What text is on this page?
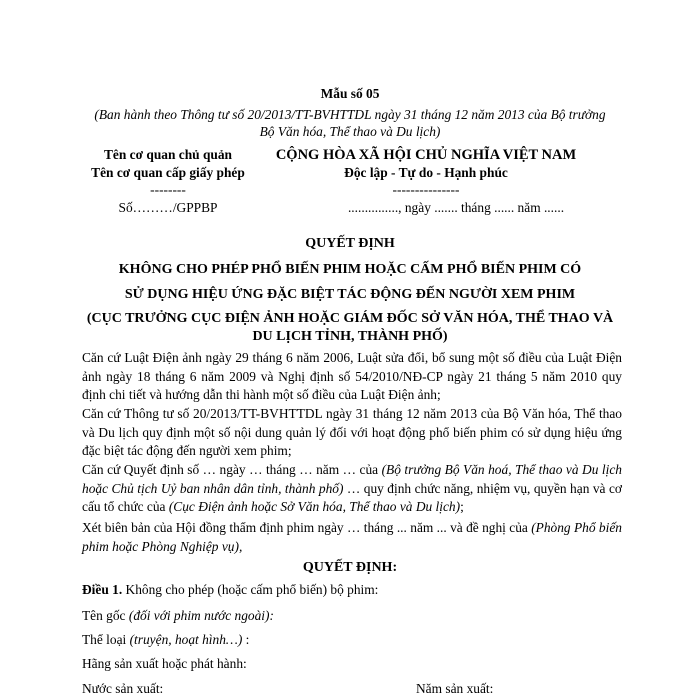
Mẫu số 05
(Ban hành theo Thông tư số 20/2013/TT-BVHTTDL ngày 31 tháng 12 năm 2013 của Bộ trưởng
Bộ Văn hóa, Thể thao và Du lịch)
Tên cơ quan chủ quản
Tên cơ quan cấp giấy phép
--------
Số………/GPPBP
CỘNG HÒA XÃ HỘI CHỦ NGHĨA VIỆT NAM
Độc lập - Tự do - Hạnh phúc
---------------
..............., ngày ....... tháng ...... năm ......
QUYẾT ĐỊNH
KHÔNG CHO PHÉP PHỔ BIẾN PHIM HOẶC CẤM PHỔ BIẾN PHIM CÓ
SỬ DỤNG HIỆU ỨNG ĐẶC BIỆT TÁC ĐỘNG ĐẾN NGƯỜI XEM PHIM
(CỤC TRƯỞNG CỤC ĐIỆN ẢNH HOẶC GIÁM ĐỐC SỞ VĂN HÓA, THỂ THAO VÀ
DU LỊCH TỈNH, THÀNH PHỐ)
Căn cứ Luật Điện ảnh ngày 29 tháng 6 năm 2006, Luật sửa đổi, bổ sung một số điều của Luật Điện ảnh ngày 18 tháng 6 năm 2009 và Nghị định số 54/2010/NĐ-CP ngày 21 tháng 5 năm 2010 quy định chi tiết và hướng dẫn thi hành một số điều của Luật Điện ảnh;
Căn cứ Thông tư số 20/2013/TT-BVHTTDL ngày 31 tháng 12 năm 2013 của Bộ Văn hóa, Thể thao và Du lịch quy định một số nội dung quản lý đối với hoạt động phổ biến phim có sử dụng hiệu ứng đặc biệt tác động đến người xem phim;
Căn cứ Quyết định số … ngày … tháng … năm … của (Bộ trưởng Bộ Văn hoá, Thể thao và Du lịch hoặc Chủ tịch Uỷ ban nhân dân tỉnh, thành phố) … quy định chức năng, nhiệm vụ, quyền hạn và cơ cấu tổ chức của (Cục Điện ảnh hoặc Sở Văn hóa, Thể thao và Du lịch);
Xét biên bản của Hội đồng thẩm định phim ngày … tháng ... năm ... và đề nghị của (Phòng Phổ biến phim hoặc Phòng Nghiệp vụ),
QUYẾT ĐỊNH:
Điều 1. Không cho phép (hoặc cấm phổ biến) bộ phim:
Tên gốc (đối với phim nước ngoài):
Thể loại (truyện, hoạt hình…) :
Hãng sản xuất hoặc phát hành:
Nước sản xuất:	Năm sản xuất:
